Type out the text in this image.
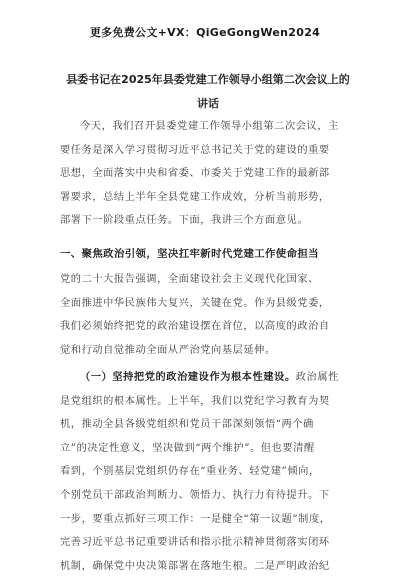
更多免费公文+VX：QiGeGongWen2024
县委书记在2025年县委党建工作领导小组第二次会议上的
讲话
今天，我们召开县委党建工作领导小组第二次会议，主
要任务是深入学习贯彻习近平总书记关于党的建设的重要
思想，全面落实中央和省委、市委关于党建工作的最新部
署要求，总结上半年全县党建工作成效，分析当前形势，
部署下一阶段重点任务。下面，我讲三个方面意见。
一、聚焦政治引领，坚决扛牢新时代党建工作使命担当
党的二十大报告强调，全面建设社会主义现代化国家、
全面推进中华民族伟大复兴，关键在党。作为县级党委，
我们必须始终把党的政治建设摆在首位，以高度的政治自
觉和行动自觉推动全面从严治党向基层延伸。
（一）坚持把党的政治建设作为根本性建设。政治属性
是党组织的根本属性。上半年，我们以党纪学习教育为契
机，推动全县各级党组织和党员干部深刻领悟“两个确
立”的决定性意义，坚决做到“两个维护”。但也要清醒
看到，个别基层党组织仍存在“重业务、轻党建”倾向，
个别党员干部政治判断力、领悟力、执行力有待提升。下
一步，要重点抓好三项工作：一是健全“第一议题”制度，
完善习近平总书记重要讲话和指示批示精神贯彻落实闭环
机制，确保党中央决策部署在落地生根。二是严明政治纪
